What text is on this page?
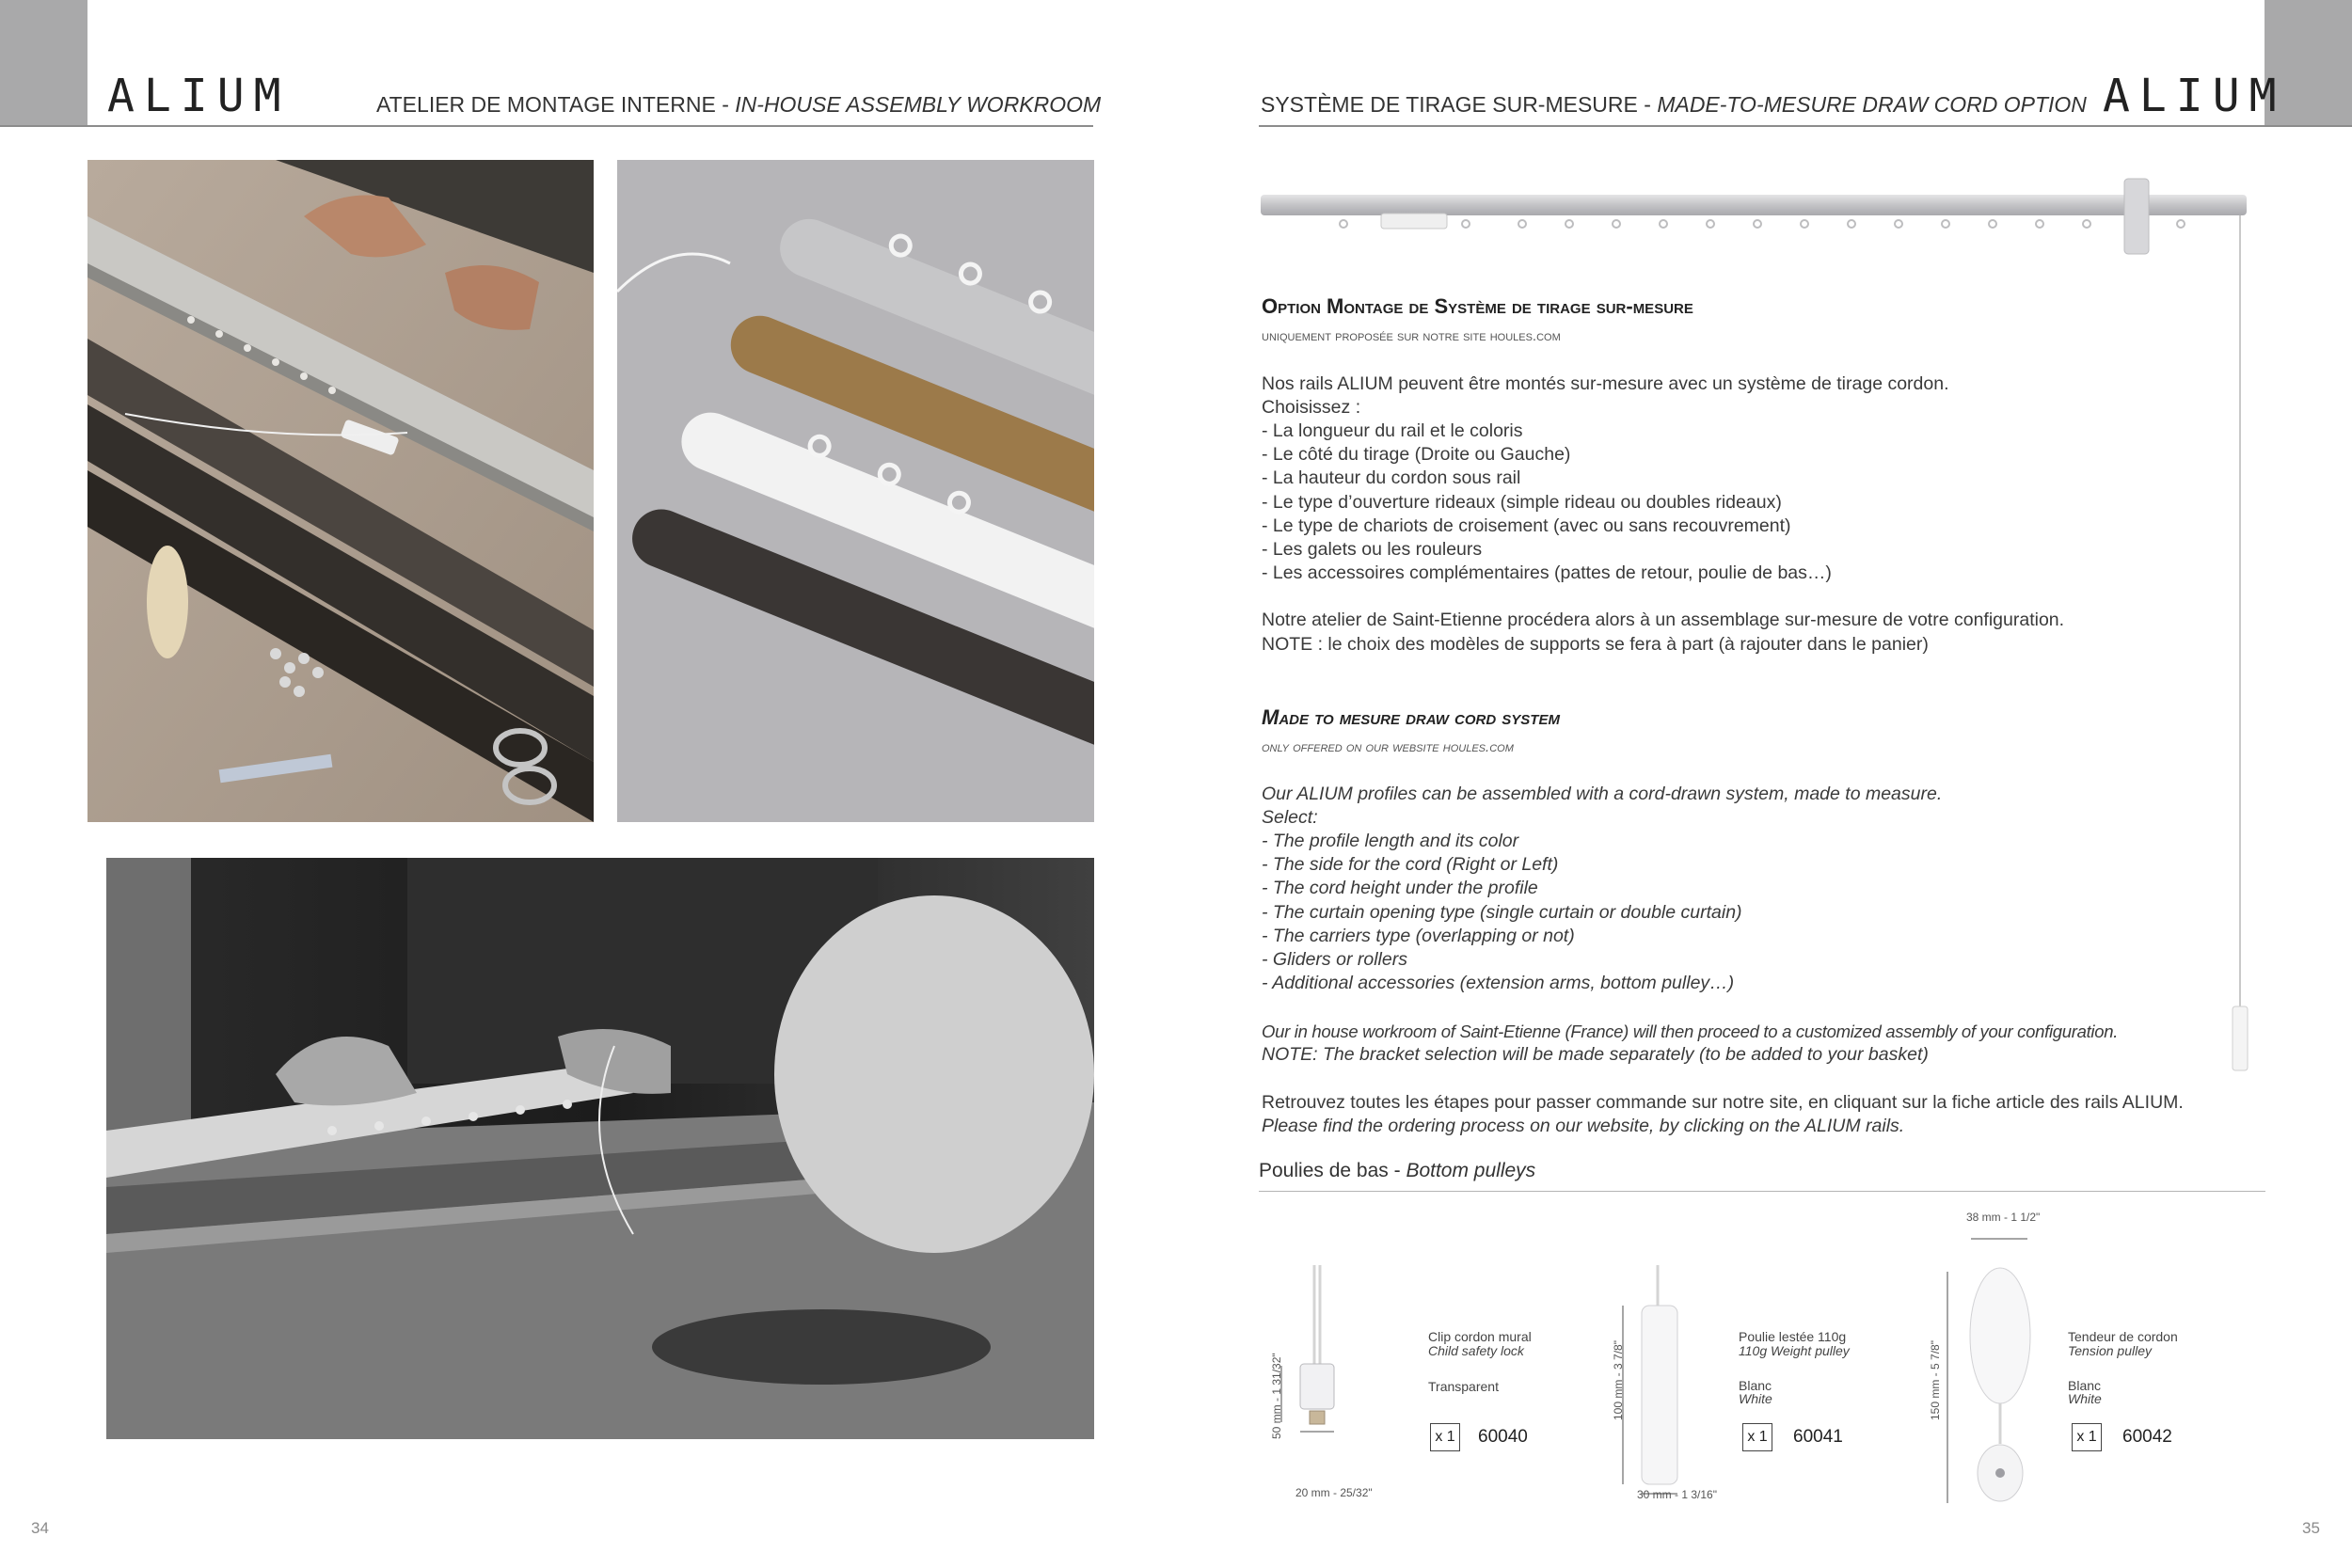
ALIUM	ATELIER DE MONTAGE INTERNE - IN-HOUSE ASSEMBLY WORKROOM	SYSTÈME DE TIRAGE SUR-MESURE - MADE-TO-MESURE DRAW CORD OPTION ALIUM
Option Montage de Système de tirage sur-mesure
uniquement proposée sur notre site houles.com
Nos rails ALIUM peuvent être montés sur-mesure avec un système de tirage cordon.
Choisissez :
- La longueur du rail et le coloris
- Le côté du tirage (Droite ou Gauche)
- La hauteur du cordon sous rail
- Le type d’ouverture rideaux (simple rideau ou doubles rideaux)
- Le type de chariots de croisement (avec ou sans recouvrement)
- Les galets ou les rouleurs
- Les accessoires complémentaires (pattes de retour, poulie de bas…)
Notre atelier de Saint-Etienne procédera alors à un assemblage sur-mesure de votre configuration.
NOTE : le choix des modèles de supports se fera à part (à rajouter dans le panier)
Made to mesure draw cord system
only offered on our website houles.com
Our ALIUM profiles can be assembled with a cord-drawn system, made to measure.
Select:
- The profile length and its color
- The side for the cord (Right or Left)
- The cord height under the profile
- The curtain opening type (single curtain or double curtain)
- The carriers type (overlapping or not)
- Gliders or rollers
- Additional accessories (extension arms, bottom pulley…)
Our in house workroom of Saint-Etienne (France) will then proceed to a customized assembly of your configuration.
NOTE: The bracket selection will be made separately (to be added to your basket)
Retrouvez toutes les étapes pour passer commande sur notre site, en cliquant sur la fiche article des rails ALIUM.
Please find the ordering process on our website, by clicking on the ALIUM rails.
Poulies de bas - Bottom pulleys
50 mm - 1 31/32"
20 mm - 25/32"
Clip cordon mural
Child safety lock
Transparent
x 1 60040
100 mm - 3 7/8"
30 mm - 1 3/16"
Poulie lestée 110g
110g Weight pulley
Blanc
White
x 1 60041
38 mm - 1 1/2"
150 mm - 5 7/8"
Tendeur de cordon
Tension pulley
Blanc
White
x 1 60042
34	35
